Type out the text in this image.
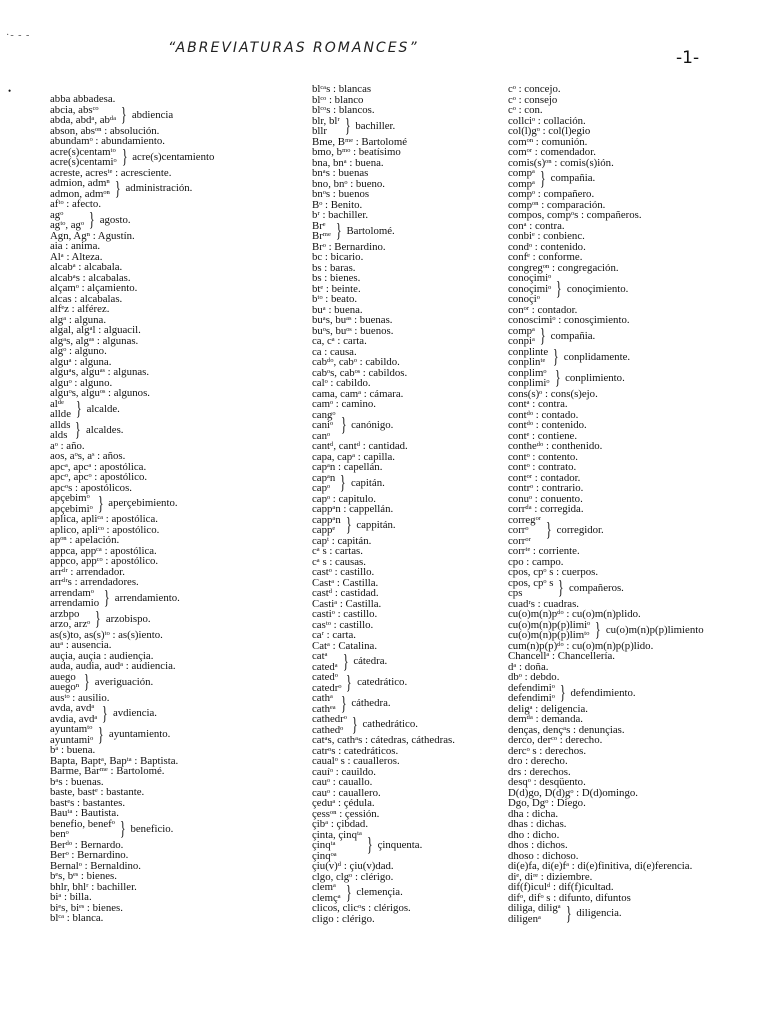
·- - -
•
“ABREVIATURAS ROMANCES”	-1-
abba abbadesa.
abcia, absᶜᵒ
abda, abdᵃ, abᵈᵃ } abdiencia
abson, absᵒⁿ : absolución.
abundamᵒ : abundamiento.
acre(s)centamᵗᵒ
acre(s)centamiᵒ } acre(s)centamiento
acreste, acresᵗᵉ : acresciente.
admion, admⁿ
admon, admᵒⁿ } administración.
afᵗᵒ : afecto.
agᵒ
agᵗᵒ, agᵒ } agosto.
Agn, Agⁿ : Agustín.
aia : anima.
Alᵃ : Alteza.
alcabᵃ : alcabala.
alcabᵃs : alcabalas.
alçamᵒ : alçamiento.
alcas : alcabalas.
alfᵉz : alférez.
algᵃ : alguna.
algal, algᵃl : alguacil.
algᵃs, algᵃˢ : algunas.
algᵒ : alguno.
alguᵃ : alguna.
alguᵃs, alguᵃˢ : algunas.
alguᵒ : alguno.
alguᵒs, alguᵒˢ : algunos.
alᵈᵉ
allde } alcalde.
allds
alds } alcaldes.
aᵒ : año.
aos, aᵒs, aˢ : años.
apcᵃ, apcᵃ : apostólica.
apcᵒ, apcᵒ : apostólico.
apcᵒs : apostólicos.
apçebimᵒ
apçebimiᵒ } aperçebimiento.
aplica, apliᶜᵃ : apostólica.
aplico, apliᶜᵒ : apostólico.
apᵒⁿ : apelación.
appca, appᶜᵃ : apostólica.
appco, appᶜᵒ : apostólico.
arrᵈʳ : arrendador.
arrᵈʳs : arrendadores.
arrendamᵒ
arrendamio } arrendamiento.
arzbpo
arzo, arzᵒ } arzobispo.
as(s)to, as(s)ᵗᵒ : as(s)iento.
auᵃ : ausencia.
auçia, auçia : audiençia.
auda, audia, audᵃ : audiencia.
auego
auegoⁿ } averiguación.
ausᵗᵒ : ausilio.
avda, avdᵃ
avdia, avdᵃ } avdiencia.
ayuntamᵗᵒ
ayuntamiᵒ } ayuntamiento.
bᵃ : buena.
Bapta, Baptᵃ, Bapᵗᵃ : Baptista.
Barme, Barᵐᵉ : Bartolomé.
bᵃs : buenas.
baste, bastᵉ : bastante.
bastᵉs : bastantes.
Bauᵗᵃ : Bautista.
benefio, benefᵒ
benᵒ	} beneficio.
Berᵈᵒ : Bernardo.
Berᵒ : Bernardino.
Bernalᵒ : Bernaldino.
bᵉs, bᵉˢ : bienes.
bhlr, bhlʳ : bachiller.
biᵃ : billa.
biᵉs, biᵉˢ : bienes.
blᶜᵃ : blanca.
blᶜᵃs : blancas
blᶜᵒ : blanco
blᶜᵒs : blancos.
blr, blʳ
bllr } bachiller.
Bme, Bᵐᵉ : Bartolomé
bmo, bᵐᵒ : beatísimo
bna, bnᵃ : buena.
bnᵃs : buenas
bno, bnᵒ : bueno.
bnᵒs : buenos
Bᵒ : Benito.
bʳ : bachiller.
Brᵉ
Brᵐᵉ } Bartolomé.
Brᵒ : Bernardino.
bc : bicario.
bs : baras.
bs : bienes.
btᵉ : beinte.
bᵗᵒ : beato.
buᵃ : buena.
buᵃs, buᵃˢ : buenas.
buᵒs, buᵒˢ : buenos.
ca, cᵃ : carta.
ca : causa.
cabᵈᵒ, cabᵒ : cabildo.
cabᵒs, cabᵒˢ : cabildos.
calᵒ : cabildo.
cama, camᵃ : cámara.
camᵒ : camino.
cangᵒ
caniᵒ
canᵒ } canónigo.
cantᵈ, cantᵈ : cantidad.
capa, capᵃ : capilla.
capᵃn : capellán.
capᵃn
capᵒ } capitán.
capᵒ : capitulo.
cappᵃn : cappellán.
cappᵃn
cappᵉ } cappitán.
capᵗ : capitán.
cᵃ s : cartas.
cᵃ s : causas.
castᵒ : castillo.
Castᵃ : Castilla.
castᵈ : castidad.
Castiᵃ : Castilla.
castiᵒ : castillo.
casᵗᵒ : castillo.
caʳ : carta.
Catᵃ : Catalina.
catᵃ
catedᵃ } cátedra.
catedᵒ
catedrᵒ } catedrático.
cathᵃ
cathᵉᵃ } cáthedra.
cathedrᵒ
cathedᵒ } cathedrático.
catᵃs, cathᵃs : cátedras, cáthedras.
catrᵒs : catedráticos.
caualᵒ s : caualleros.
cauíᵒ : cauildo.
cauᵒ : cauallo.
cauᵒ : cauallero.
çeduᵃ : çédula.
çessᵒⁿ : çessión.
çibᵃ : çibdad.
çinta, çinqᵗᵃ
çinqᵗᵃ
çinqᵒᵃ	} çinquenta.
çiu(v)ᵈ : çiu(v)dad.
clgo, clgᵒ : clérigo.
clemᵃ
clemçᵃ } clemençia.
clicos, clicᵒs : clérigos.
cligo : clérigo.
cᵒ : concejo.
cᵒ : consejo
cᵒ : con.
collciᵒ : collación.
col(l)gᵒ : col(l)egio
comᵒⁿ : comunión.
comᵒʳ : comendador.
comis(s)ᵒⁿ : comis(s)ión.
compᵃ
compᵃ } compañia.
compᵒ : compañero.
compᵒⁿ : comparación.
compos, compᵒs : compañeros.
conᵃ : contra.
conbiᵉ : conbienc.
condᵒ : contenido.
confᵉ : conforme.
congregᵒⁿ : congregación.
conoçimiᵒ
conoçimiᵒ
conoçiᵒ } conoçimiento.
conᵒʳ : contador.
conoscimiᵒ : conosçimiento.
compᵃ
conpiᵃ } compañia.
conplinte
conplinᵗᵉ } conplidamente.
conplimᵒ
conplimiᵒ } conplimiento.
cons(s)ᵒ : cons(s)ejo.
contᵃ : contra.
contᵈᵒ : contado.
contᵈᵒ : contenido.
contᵉ : contiene.
contheᵈᵒ : conthenido.
contᵒ : contento.
contᵒ : contrato.
contᵒʳ : contador.
contrᵒ : contrario.
conuᵒ : conuento.
corrᵈᵃ : corregida.
corregᵒʳ
corrᵒ
corrᵒʳ } corregidor.
corrᵗᵉ : corriente.
cpo : campo.
cpos, cpᵒ s : cuerpos.
cpos, cpᵒ s
cps	} compañeros.
cuadʳs : cuadras.
cu(o)m(n)pᵈᵒ : cu(o)m(n)plido.
cu(o)m(n)p(p)limiᵒ
cu(o)m(n)p(p)limᵗᵒ } cu(o)m(n)p(p)limiento
cum(n)p(p)ᵈᵒ : cu(o)m(n)p(p)lido.
Chancellᵃ : Chancellería.
dᵃ : doña.
dbᵒ : debdo.
defendimiᵒ
defendimiᵒ } defendimiento.
deligᵃ : deligencia.
demᵈᵃ : demanda.
denças, dençᵃs : denunçias.
derco, derᶜᵒ : derecho.
dercᵒ s : derechos.
dro : derecho.
drs : derechos.
desqᵒ : desqüento.
D(d)go, D(d)gᵒ : D(d)omingo.
Dgo, Dgᵒ : Diego.
dha : dicha.
dhas : dichas.
dho : dicho.
dhos : dichos.
dhoso : dichoso.
di(e)fa, di(e)fᵃ : di(e)finitiva, di(e)ferencia.
diᵉ, diʳᵉ : diziembre.
dif(f)iculᵈ : dif(f)icultad.
difᵒ, difᵒ s : difunto, difuntos
diliga, diligᵃ
diligenᵃ	} diligencia.
